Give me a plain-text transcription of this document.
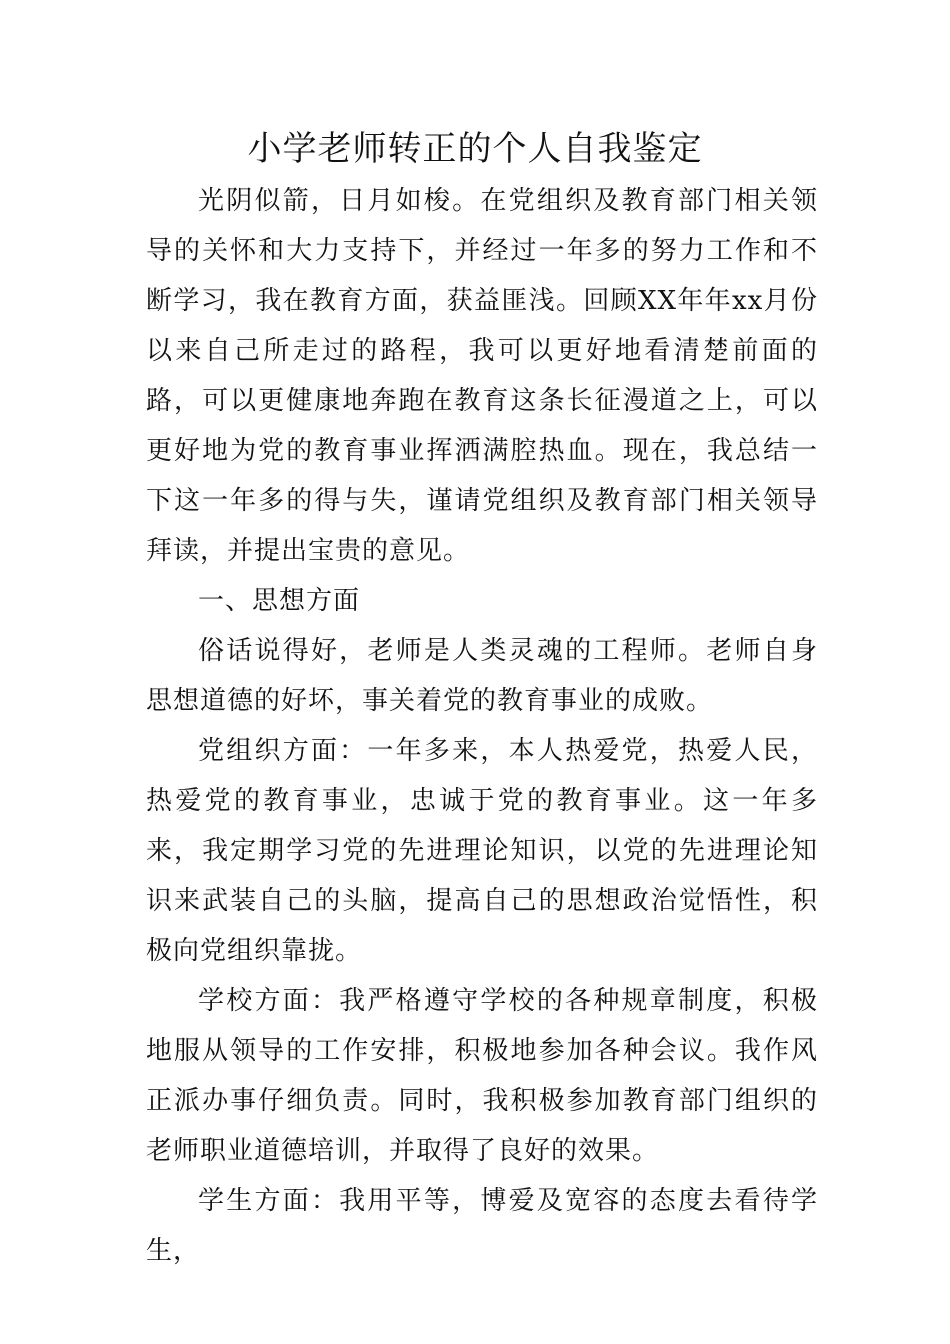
小学老师转正的个人自我鉴定

光阴似箭，日月如梭。在党组织及教育部门相关领导的关怀和大力支持下，并经过一年多的努力工作和不断学习，我在教育方面，获益匪浅。回顾XX年年xx月份以来自己所走过的路程，我可以更好地看清楚前面的路，可以更健康地奔跑在教育这条长征漫道之上，可以更好地为党的教育事业挥洒满腔热血。现在，我总结一下这一年多的得与失，谨请党组织及教育部门相关领导拜读，并提出宝贵的意见。

一、思想方面

俗话说得好，老师是人类灵魂的工程师。老师自身思想道德的好坏，事关着党的教育事业的成败。

党组织方面：一年多来，本人热爱党，热爱人民，热爱党的教育事业，忠诚于党的教育事业。这一年多来，我定期学习党的先进理论知识，以党的先进理论知识来武装自己的头脑，提高自己的思想政治觉悟性，积极向党组织靠拢。

学校方面：我严格遵守学校的各种规章制度，积极地服从领导的工作安排，积极地参加各种会议。我作风正派办事仔细负责。同时，我积极参加教育部门组织的老师职业道德培训，并取得了良好的效果。

学生方面：我用平等，博爱及宽容的态度去看待学生，
